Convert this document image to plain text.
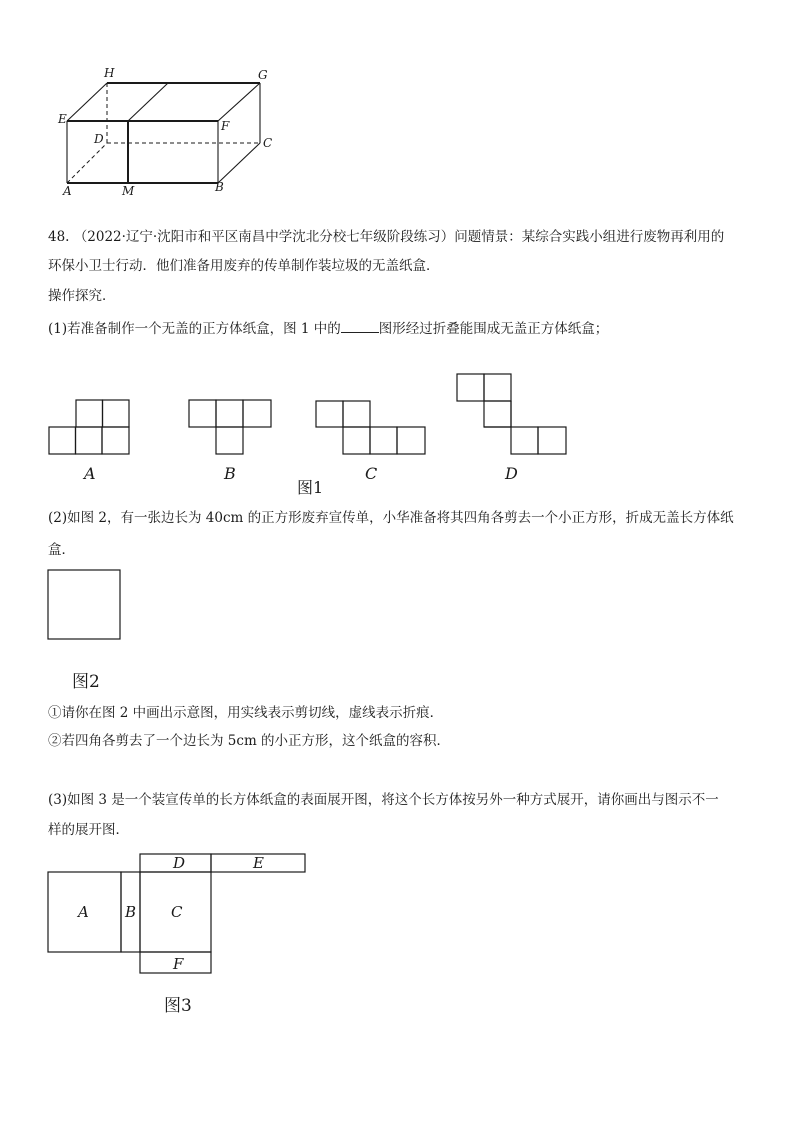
H	G
E	F
D	C
A	M	B
48. （2022·辽宁·沈阳市和平区南昌中学沈北分校七年级阶段练习）问题情景：某综合实践小组进行废物再利用的
环保小卫士行动．他们准备用废弃的传单制作装垃圾的无盖纸盒．
操作探究．
(1)若准备制作一个无盖的正方体纸盒，图 1 中的	图形经过折叠能围成无盖正方体纸盒；
A	B	C	D
图1
(2)如图 2，有一张边长为 40cm 的正方形废弃宣传单，小华准备将其四角各剪去一个小正方形，折成无盖长方体纸
盒．
图2
①请你在图 2 中画出示意图，用实线表示剪切线，虚线表示折痕．
②若四角各剪去了一个边长为 5cm 的小正方形，这个纸盒的容积．
(3)如图 3 是一个装宣传单的长方体纸盒的表面展开图，将这个长方体按另外一种方式展开，请你画出与图示不一
样的展开图．
A B C
D	E
F
图3
